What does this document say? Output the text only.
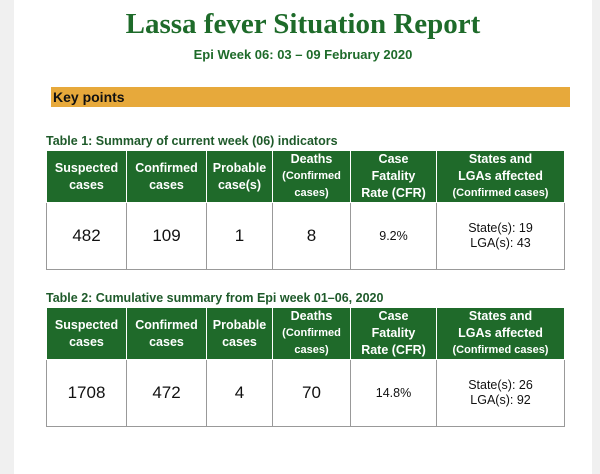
Lassa fever Situation Report
Epi Week 06: 03 – 09 February 2020
Key points
Table 1: Summary of current week (06) indicators
Suspected
cases	Confirmed
cases	Probable
case(s)	Deaths
(Confirmed
cases)	Case
Fatality
Rate (CFR)	States and
LGAs affected
(Confirmed cases)

482	109	1	8	9.2%	State(s): 19
LGA(s): 43
Table 2: Cumulative summary from Epi week 01–06, 2020
Suspected
cases	Confirmed
cases	Probable
cases	Deaths
(Confirmed
cases)	Case
Fatality
Rate (CFR)	States and
LGAs affected
(Confirmed cases)

1708	472	4	70	14.8%	State(s): 26
LGA(s): 92
